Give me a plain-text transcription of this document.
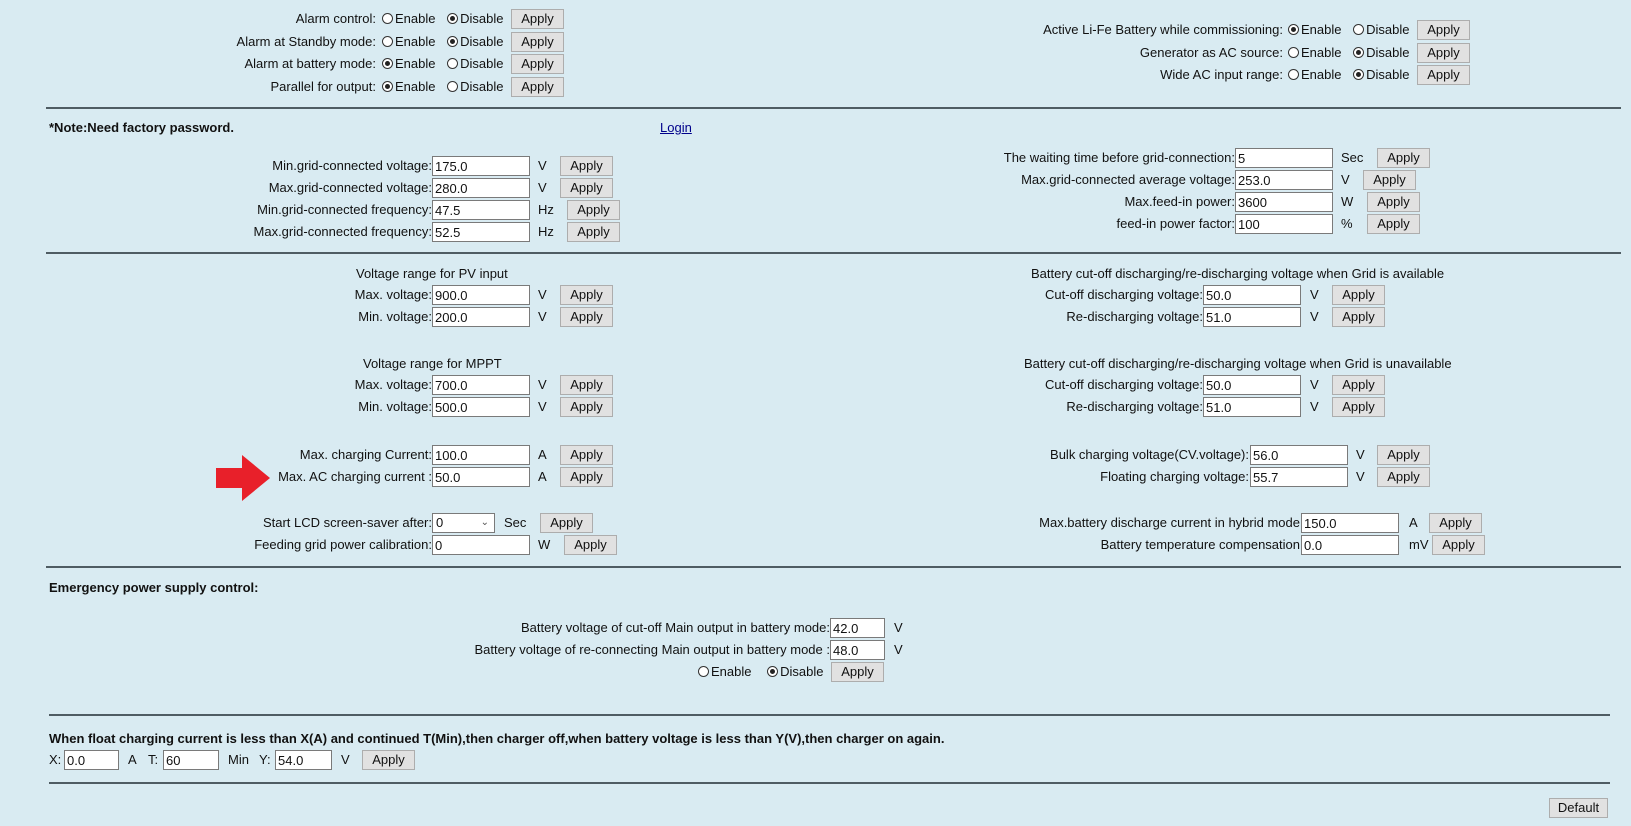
Alarm control:	Enable Disable	Apply
Alarm at Standby mode:	Enable Disable	Apply
Alarm at battery mode:	Enable Disable	Apply
Parallel for output:	Enable Disable	Apply
Active Li-Fe Battery while commissioning:	Enable Disable	Apply
Generator as AC source:	Enable Disable	Apply
Wide AC input range:	Enable Disable	Apply
*Note:Need factory password.	Login
Min.grid-connected voltage:
175.0	V	Apply
Max.grid-connected voltage:
280.0	V	Apply
Min.grid-connected frequency:
47.5	Hz	Apply
Max.grid-connected frequency:
52.5	Hz	Apply
The waiting time before grid-connection:
5	Sec	Apply
Max.grid-connected average voltage:
253.0	V	Apply
Max.feed-in power:
3600	W	Apply
feed-in power factor:
100	%	Apply
Voltage range for PV input
Max. voltage:
900.0	V	Apply
Min. voltage:
200.0	V	Apply
Voltage range for MPPT
Max. voltage:
700.0	V	Apply
Min. voltage:
500.0	V	Apply
Battery cut-off discharging/re-discharging voltage when Grid is available
Cut-off discharging voltage:
50.0	V	Apply
Re-discharging voltage:
51.0	V	Apply
Battery cut-off discharging/re-discharging voltage when Grid is unavailable
Cut-off discharging voltage:
50.0	V	Apply
Re-discharging voltage:
51.0	V	Apply
Max. charging Current:
100.0	A	Apply
Max. AC charging current :
50.0	A	Apply
Bulk charging voltage(CV.voltage):
56.0	V	Apply
Floating charging voltage:
55.7	V	Apply
Start LCD screen-saver after: 0	⌄ Sec	Apply
Feeding grid power calibration:
0	W	Apply
Max.battery discharge current in hybrid mode
150.0	A	Apply
Battery temperature compensation
0.0	mV	Apply
Emergency power supply control:
Battery voltage of cut-off Main output in battery mode:
42.0	V
Battery voltage of re-connecting Main output in battery mode :
48.0	V
Enable Disable	Apply
When float charging current is less than X(A) and continued T(Min),then charger off,when battery voltage is less than Y(V),then charger on again.
X:
0.0	A T:
60	Min Y:
54.0	V	Apply
Default
